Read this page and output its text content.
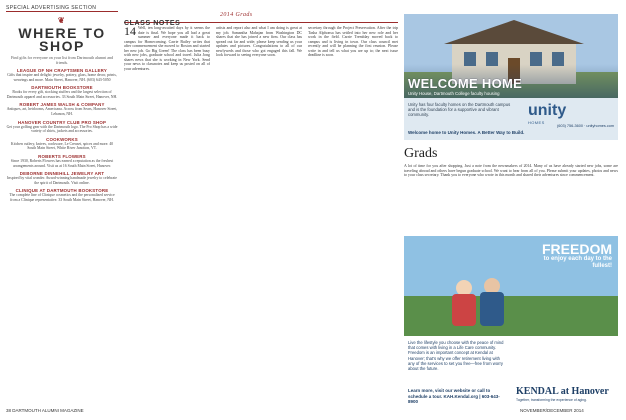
SPECIAL ADVERTISING SECTION
2014 Grads
❦
WHERE TO SHOP
Find gifts for everyone on your list from Dartmouth alumni and friends.
LEAGUE OF NH CRAFTSMEN GALLERY
Gifts that inspire and delight: jewelry, pottery, glass, home decor, prints, weavings and more. Main Street, Hanover, NH. (603) 643-5050
DARTMOUTH BOOKSTORE
Books for every gift, stocking stuffers and the largest selection of Dartmouth apparel and accessories. 33 South Main Street, Hanover, NH.
ROBERT JAMES WALSH & COMPANY
Antiques, art, heirlooms, Americana. Across from Sears, Hanover Street, Lebanon, NH.
HANOVER COUNTRY CLUB PRO SHOP
Get your golfing gear with the Dartmouth logo. The Pro Shop has a wide variety of shirts, jackets and accessories.
COOKWORKS
Kitchen cutlery, knives, cookware, Le Creuset, spices and more. 40 South Main Street, White River Junction, VT.
ROBERTS FLOWERS
Since 1930, Roberts Flowers has earned a reputation as the freshest arrangements around. Visit us at 16 South Main Street, Hanover.
DEBORNE DINNEHILL JEWELRY ART
Inspired by vital wonder. Award-winning handmade jewelry to celebrate the spirit of Dartmouth. Visit online.
CLINIQUE AT DARTMOUTH BOOKSTORE
The complete line of Clinique cosmetics and the personalized service from a Clinique representative. 33 South Main Street, Hanover, NH.
CLASS NOTES

14 Well, ten long-awaited days by it seems the date is final. We hope you all had a great summer and everyone made it back to campus for Homecoming. Carrie Bailey writes that after commencement she moved to Boston and started her new job. Go Big Green! The class has been busy with new jobs, graduate school and travel. Julia Jong shares news that she is working in New York. Send your news to classnotes and keep us posted on all of your adventures.

artists and report also and what I am doing is great at my job. Samantha Mahajan from Washington DC shares that she has joined a new firm. Our class has spread out far and wide; please keep sending us your updates and pictures. Congratulations to all of our newlyweds and those who got engaged this fall. We look forward to seeing everyone soon.

secretary through the Project Preservation. After the trip Tasha Alphonsa has settled into her new role and her work in the field. Carrie Tremblay moved back to campus and is living in town. Our class council met recently and will be planning the first reunion. Please write in and tell us what you are up to; the next issue deadline is soon.

WELCOME HOME
Unity House, Dartmouth College faculty housing
Unity has four faculty homes on the Dartmouth campus and is the foundation for a supportive and vibrant community.	unity
HOMES
Welcome home to Unity Homes. A Better Way to Build.
(603) 756-3600 · unityhomes.com
Grads

A lot of time for you after shopping. Just a note from the newsmakers of 2014. Many of us have already started new jobs, some are traveling abroad and others have begun graduate school. We want to hear from all of you. Please submit your updates, photos and news to your class secretary. Thank you to everyone who wrote in this month and shared their adventures since commencement.

FREEDOM
to enjoy each day to the fullest!
Live the lifestyle you choose with the peace of mind that comes with living in a Life Care community. Freedom is an important concept at Kendal at Hanover; that's why we offer retirement living with any of the services to set you free—free from worry about the future.
Learn more, visit our website or call to schedule a tour. KAH.Kendal.org | 603-643-8900
KENDAL at Hanover
Together, transforming the experience of aging.
38 DARTMOUTH ALUMNI MAGAZINE	NOVEMBER/DECEMBER 2014
